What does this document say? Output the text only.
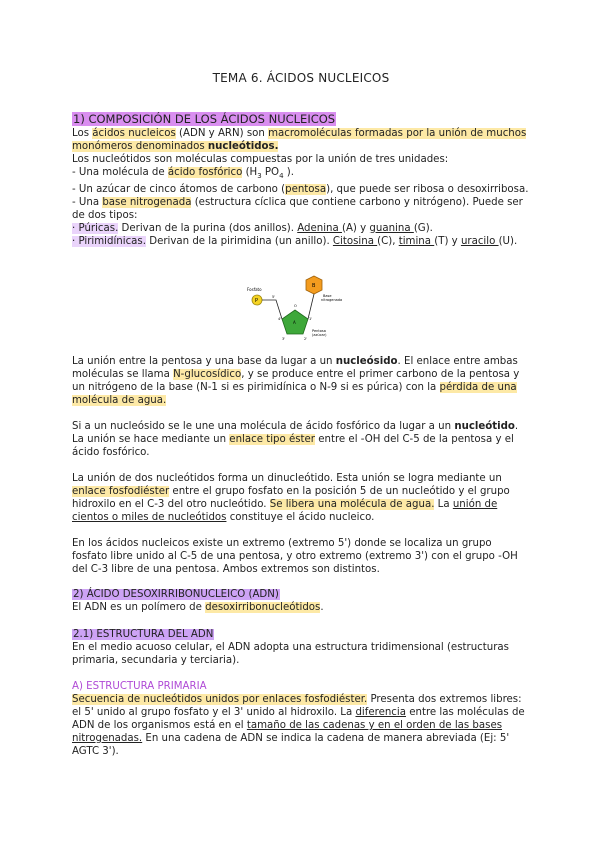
TEMA 6. ÁCIDOS NUCLEICOS

1) COMPOSICIÓN DE LOS ÁCIDOS NUCLEICOS

Los ácidos nucleicos (ADN y ARN) son macromoléculas formadas por la unión de muchos monómeros denominados nucleótidos.

Los nucleótidos son moléculas compuestas por la unión de tres unidades:

- Una molécula de ácido fosfórico ($H_3$ $PO_4$ ).

- Un azúcar de cinco átomos de carbono (pentosa), que puede ser ribosa o desoxirribosa.

- Una base nitrogenada (estructura cíclica que contiene carbono y nitrógeno). Puede ser de dos tipos:

· Púricas. Derivan de la purina (dos anillos). Adenina (A) y guanina (G).

· Pirimidínicas. Derivan de la pirimidina (un anillo). Citosina (C), timina (T) y uracilo (U).

Fosfato
P
B
Base
nitrogenada
A
Pentosa
(azúcar)
5'
4'
3'	2'
1'
O

La unión entre la pentosa y una base da lugar a un nucleósido. El enlace entre ambas moléculas se llama N-glucosídico, y se produce entre el primer carbono de la pentosa y un nitrógeno de la base (N-1 si es pirimidínica o N-9 si es púrica) con la pérdida de una molécula de agua.

Si a un nucleósido se le une una molécula de ácido fosfórico da lugar a un nucleótido. La unión se hace mediante un enlace tipo éster entre el -OH del C-5 de la pentosa y el ácido fosfórico.

La unión de dos nucleótidos forma un dinucleótido. Esta unión se logra mediante un enlace fosfodiéster entre el grupo fosfato en la posición 5 de un nucleótido y el grupo hidroxilo en el C-3 del otro nucleótido. Se libera una molécula de agua. La unión de cientos o miles de nucleótidos constituye el ácido nucleico.

En los ácidos nucleicos existe un extremo (extremo 5') donde se localiza un grupo fosfato libre unido al C-5 de una pentosa, y otro extremo (extremo 3') con el grupo -OH del C-3 libre de una pentosa. Ambos extremos son distintos.

2) ÁCIDO DESOXIRRIBONUCLEICO (ADN)

El ADN es un polímero de desoxirribonucleótidos.

2.1) ESTRUCTURA DEL ADN

En el medio acuoso celular, el ADN adopta una estructura tridimensional (estructuras primaria, secundaria y terciaria).

A) ESTRUCTURA PRIMARIA

Secuencia de nucleótidos unidos por enlaces fosfodiéster. Presenta dos extremos libres: el 5' unido al grupo fosfato y el 3' unido al hidroxilo. La diferencia entre las moléculas de ADN de los organismos está en el tamaño de las cadenas y en el orden de las bases nitrogenadas. En una cadena de ADN se indica la cadena de manera abreviada (Ej: 5' AGTC 3').
